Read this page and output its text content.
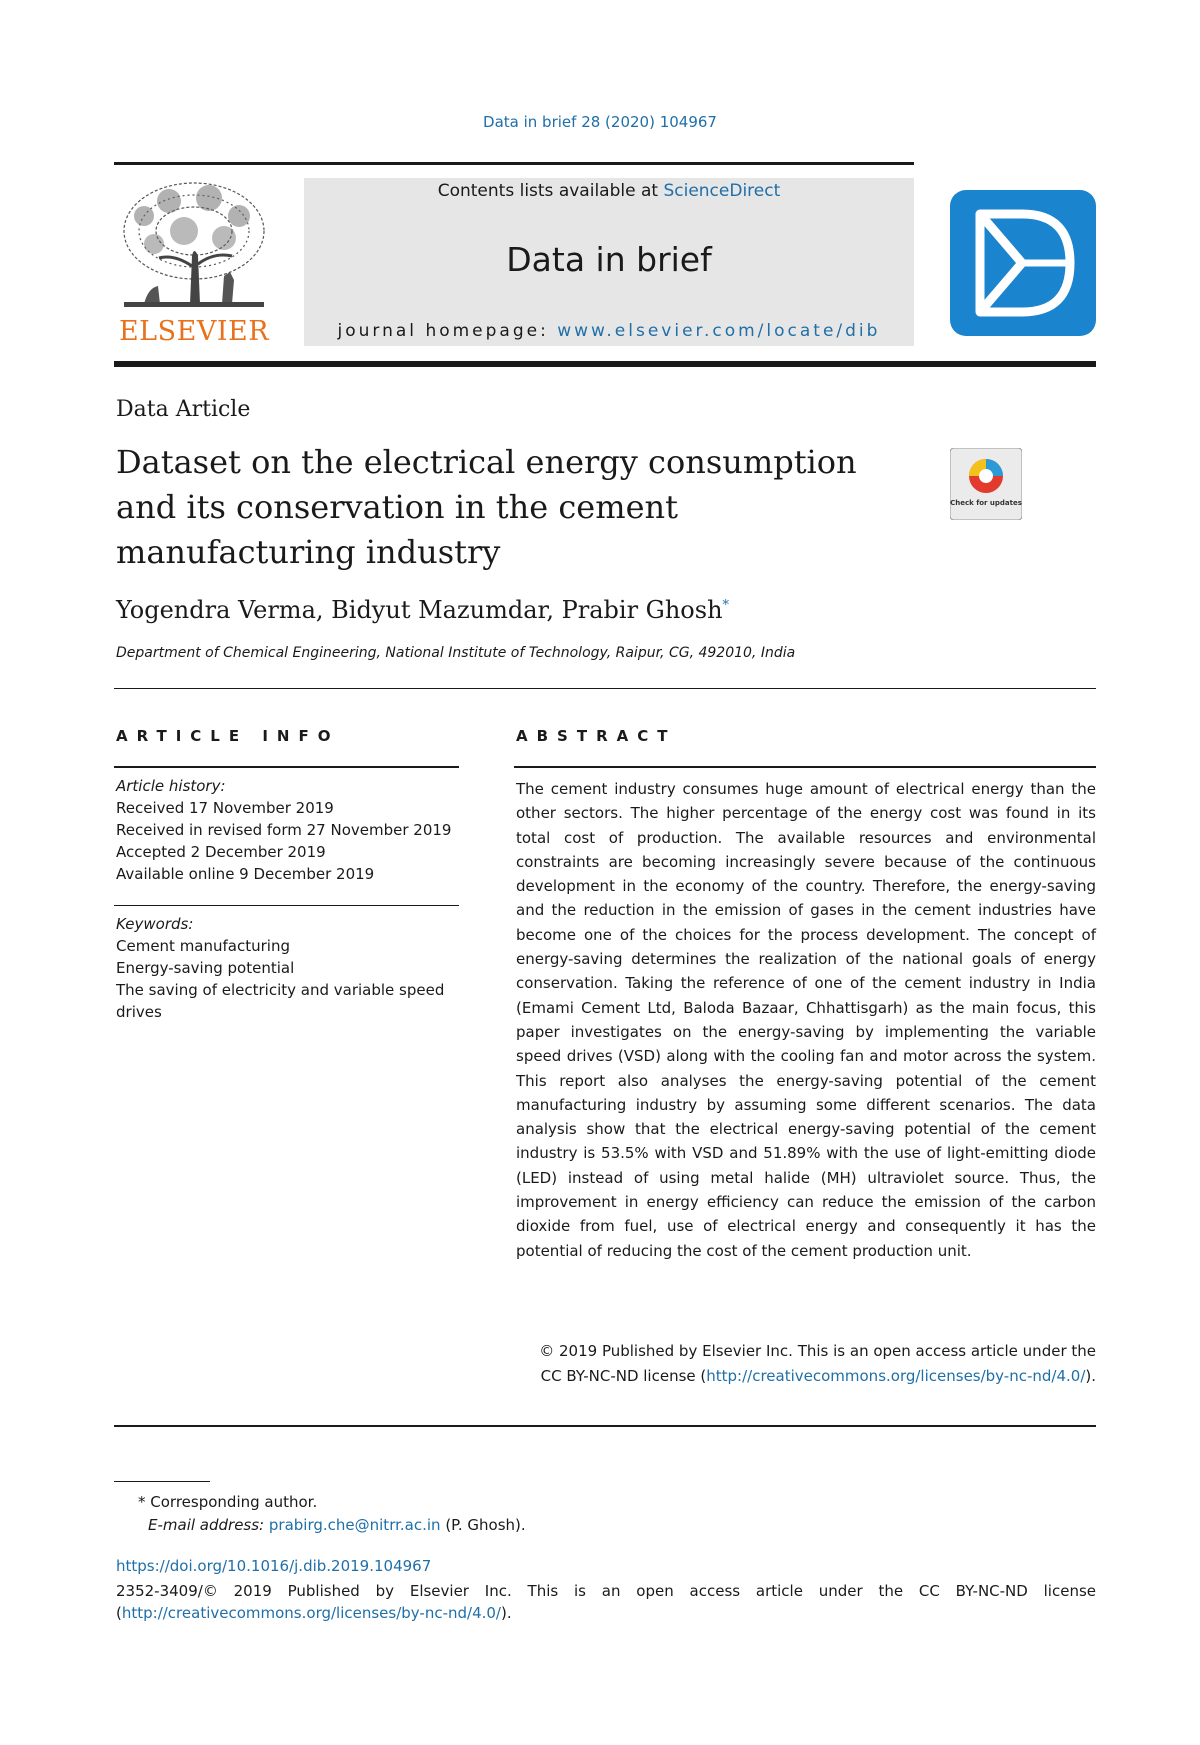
Data in brief 28 (2020) 104967
ELSEVIER
Contents lists available at ScienceDirect
Data in brief
journal homepage: www.elsevier.com/locate/dib
Data Article
Dataset on the electrical energy consumption and its conservation in the cement manufacturing industry
Check for updates
Yogendra Verma, Bidyut Mazumdar, Prabir Ghosh*
Department of Chemical Engineering, National Institute of Technology, Raipur, CG, 492010, India
ARTICLE INFO	ABSTRACT
Article history:
Received 17 November 2019
Received in revised form 27 November 2019
Accepted 2 December 2019
Available online 9 December 2019
Keywords:
Cement manufacturing
Energy-saving potential
The saving of electricity and variable speed drives

The cement industry consumes huge amount of electrical energy than the other sectors. The higher percentage of the energy cost was found in its total cost of production. The available resources and environmental constraints are becoming increasingly severe because of the continuous development in the economy of the country. Therefore, the energy-saving and the reduction in the emission of gases in the cement industries have become one of the choices for the process development. The concept of energy-saving determines the realization of the national goals of energy conservation. Taking the reference of one of the cement industry in India (Emami Cement Ltd, Baloda Bazaar, Chhattisgarh) as the main focus, this paper investigates on the energy-saving by implementing the variable speed drives (VSD) along with the cooling fan and motor across the system. This report also analyses the energy-saving potential of the cement manufacturing industry by assuming some different scenarios. The data analysis show that the electrical energy-saving potential of the cement industry is 53.5% with VSD and 51.89% with the use of light-emitting diode (LED) instead of using metal halide (MH) ultraviolet source. Thus, the improvement in energy efficiency can reduce the emission of the carbon dioxide from fuel, use of electrical energy and consequently it has the potential of reducing the cost of the cement production unit.

© 2019 Published by Elsevier Inc. This is an open access article under the CC BY-NC-ND license (http://creativecommons.org/licenses/by-nc-nd/4.0/).
* Corresponding author.
E-mail address: prabirg.che@nitrr.ac.in (P. Ghosh).
https://doi.org/10.1016/j.dib.2019.104967
2352-3409/© 2019 Published by Elsevier Inc. This is an open access article under the CC BY-NC-ND license (http://creativecommons.org/licenses/by-nc-nd/4.0/).
